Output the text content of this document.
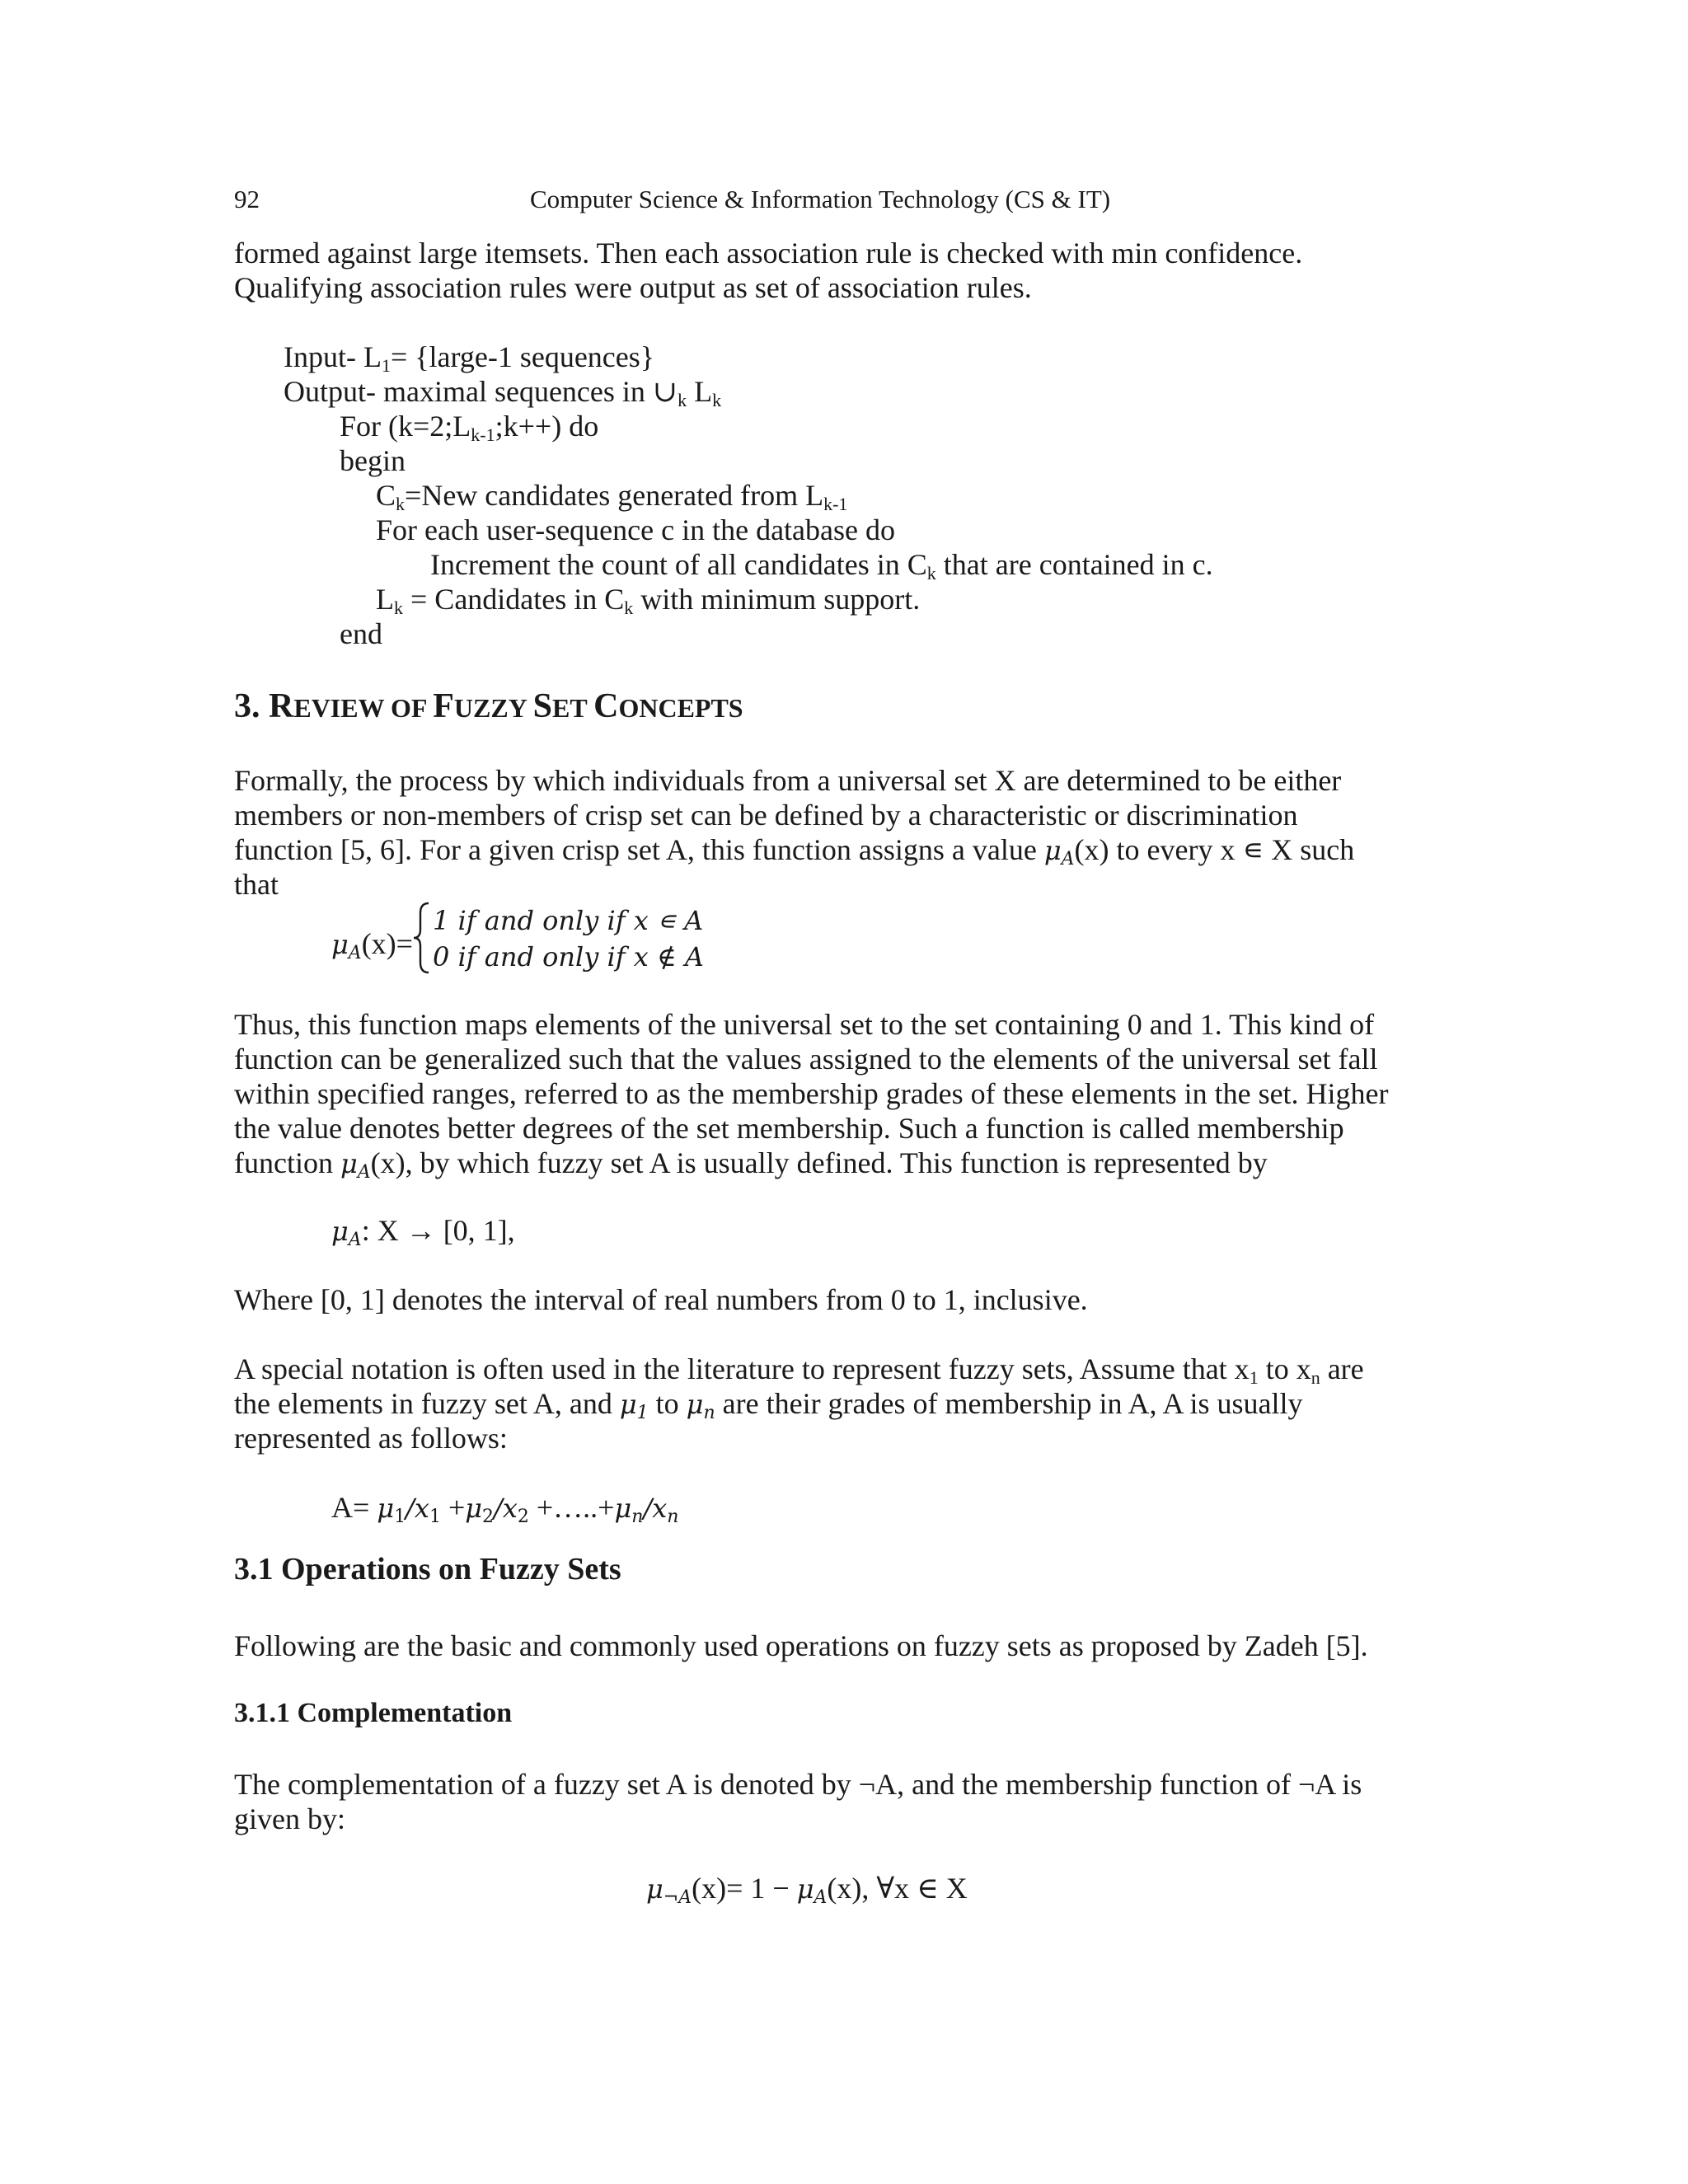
92	Computer Science & Information Technology (CS & IT)
formed against large itemsets. Then each association rule is checked with min confidence.
Qualifying association rules were output as set of association rules.
Input- $L_1=$ {large-1 sequences}
Output- maximal sequences in $\cup_k$ $L_k$
For $(k=2;L_{k-1};k++)$ do
begin
$C_k=New$ candidates generated from $L_{k-1}$
For each user-sequence c in the database do
Increment the count of all candidates in $C_k$ that are contained in c.
$L_k$ = Candidates in $C_k$ with minimum support.
end
3. REVIEW OF FUZZY SET CONCEPTS
Formally, the process by which individuals from a universal set X are determined to be either
members or non-members of crisp set can be defined by a characteristic or discrimination
function [5, 6]. For a given crisp set A, this function assigns a value μA(x) to every x ∊ X such
that
μA(x)=
1 if and only if x ∊ A
0 if and only if x ∉ A
Thus, this function maps elements of the universal set to the set containing 0 and 1. This kind of
function can be generalized such that the values assigned to the elements of the universal set fall
within specified ranges, referred to as the membership grades of these elements in the set. Higher
the value denotes better degrees of the set membership. Such a function is called membership
function μA(x), by which fuzzy set A is usually defined. This function is represented by
μA: X → [0, 1],
Where [0, 1] denotes the interval of real numbers from 0 to 1, inclusive.
A special notation is often used in the literature to represent fuzzy sets, Assume that $x_1$ to $x_n$ are
the elements in fuzzy set A, and μ1 to μn are their grades of membership in A, A is usually
represented as follows:
A= μ1/x1 +μ2/x2 +…..+μn/xn
3.1 Operations on Fuzzy Sets
Following are the basic and commonly used operations on fuzzy sets as proposed by Zadeh [5].
3.1.1 Complementation
The complementation of a fuzzy set A is denoted by ¬A, and the membership function of ¬A is
given by:
μ¬A(x)= 1 − μA(x), ∀x ∈ X
